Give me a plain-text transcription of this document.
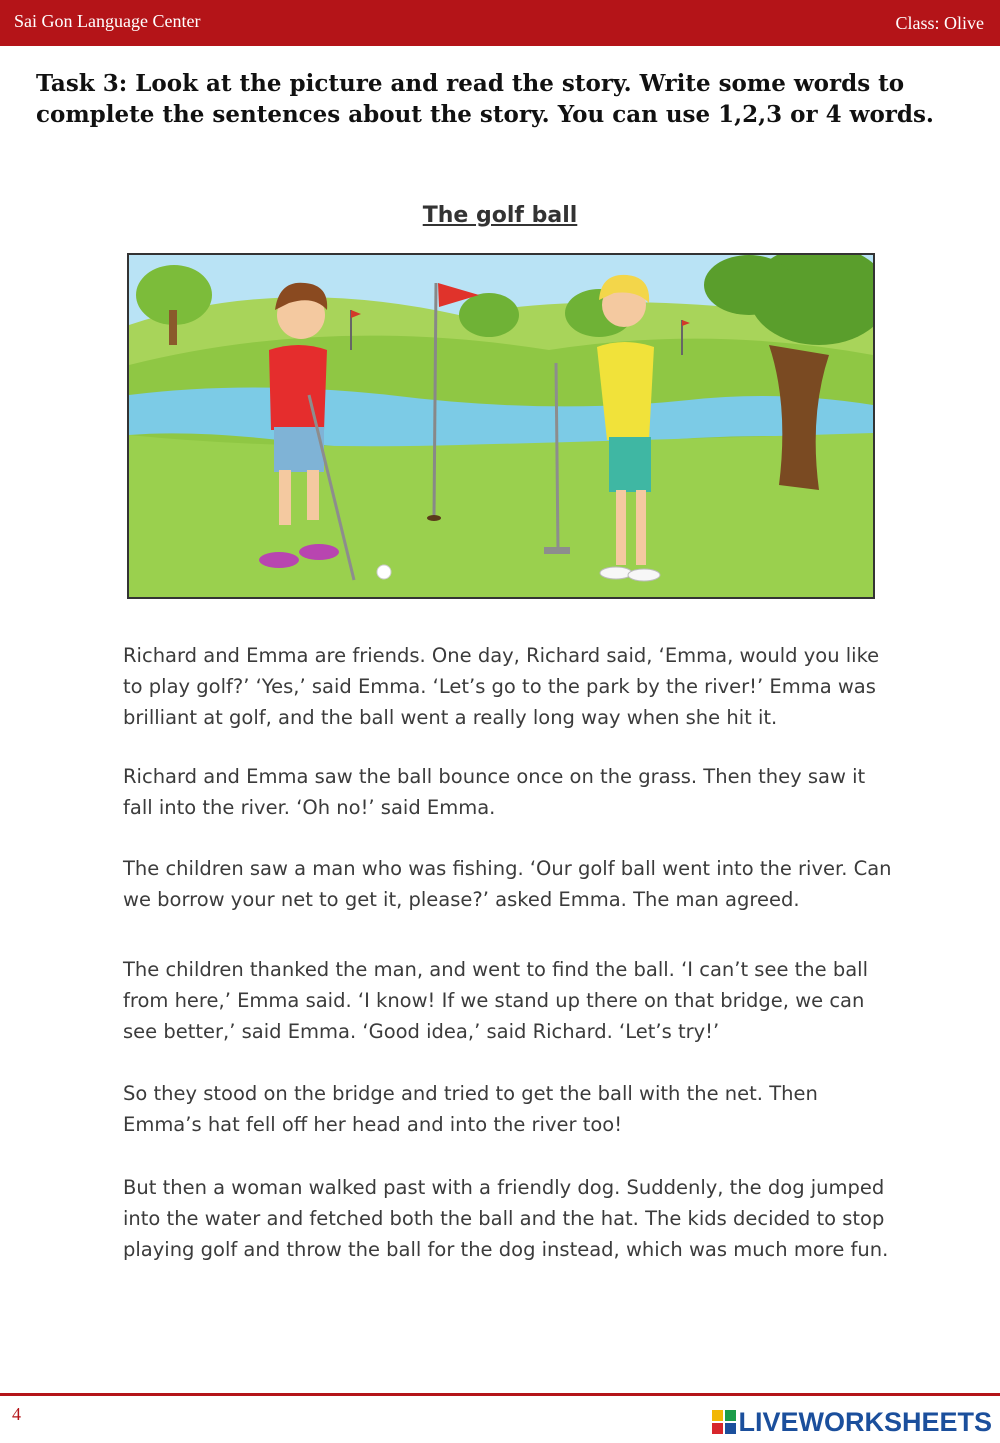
Sai Gon Language Center	Class: Olive
Task 3: Look at the picture and read the story. Write some words to complete the sentences about the story. You can use 1,2,3 or 4 words.
The golf ball

Richard and Emma are friends. One day, Richard said, ‘Emma, would you like to play golf?’ ‘Yes,’ said Emma. ‘Let’s go to the park by the river!’ Emma was brilliant at golf, and the ball went a really long way when she hit it.

Richard and Emma saw the ball bounce once on the grass. Then they saw it fall into the river. ‘Oh no!’ said Emma.

The children saw a man who was fishing. ‘Our golf ball went into the river. Can we borrow your net to get it, please?’ asked Emma. The man agreed.

The children thanked the man, and went to find the ball. ‘I can’t see the ball from here,’ Emma said. ‘I know! If we stand up there on that bridge, we can see better,’ said Emma. ‘Good idea,’ said Richard. ‘Let’s try!’

So they stood on the bridge and tried to get the ball with the net. Then Emma’s hat fell off her head and into the river too!

But then a woman walked past with a friendly dog. Suddenly, the dog jumped into the water and fetched both the ball and the hat. The kids decided to stop playing golf and throw the ball for the dog instead, which was much more fun.

4	LIVEWORKSHEETS
